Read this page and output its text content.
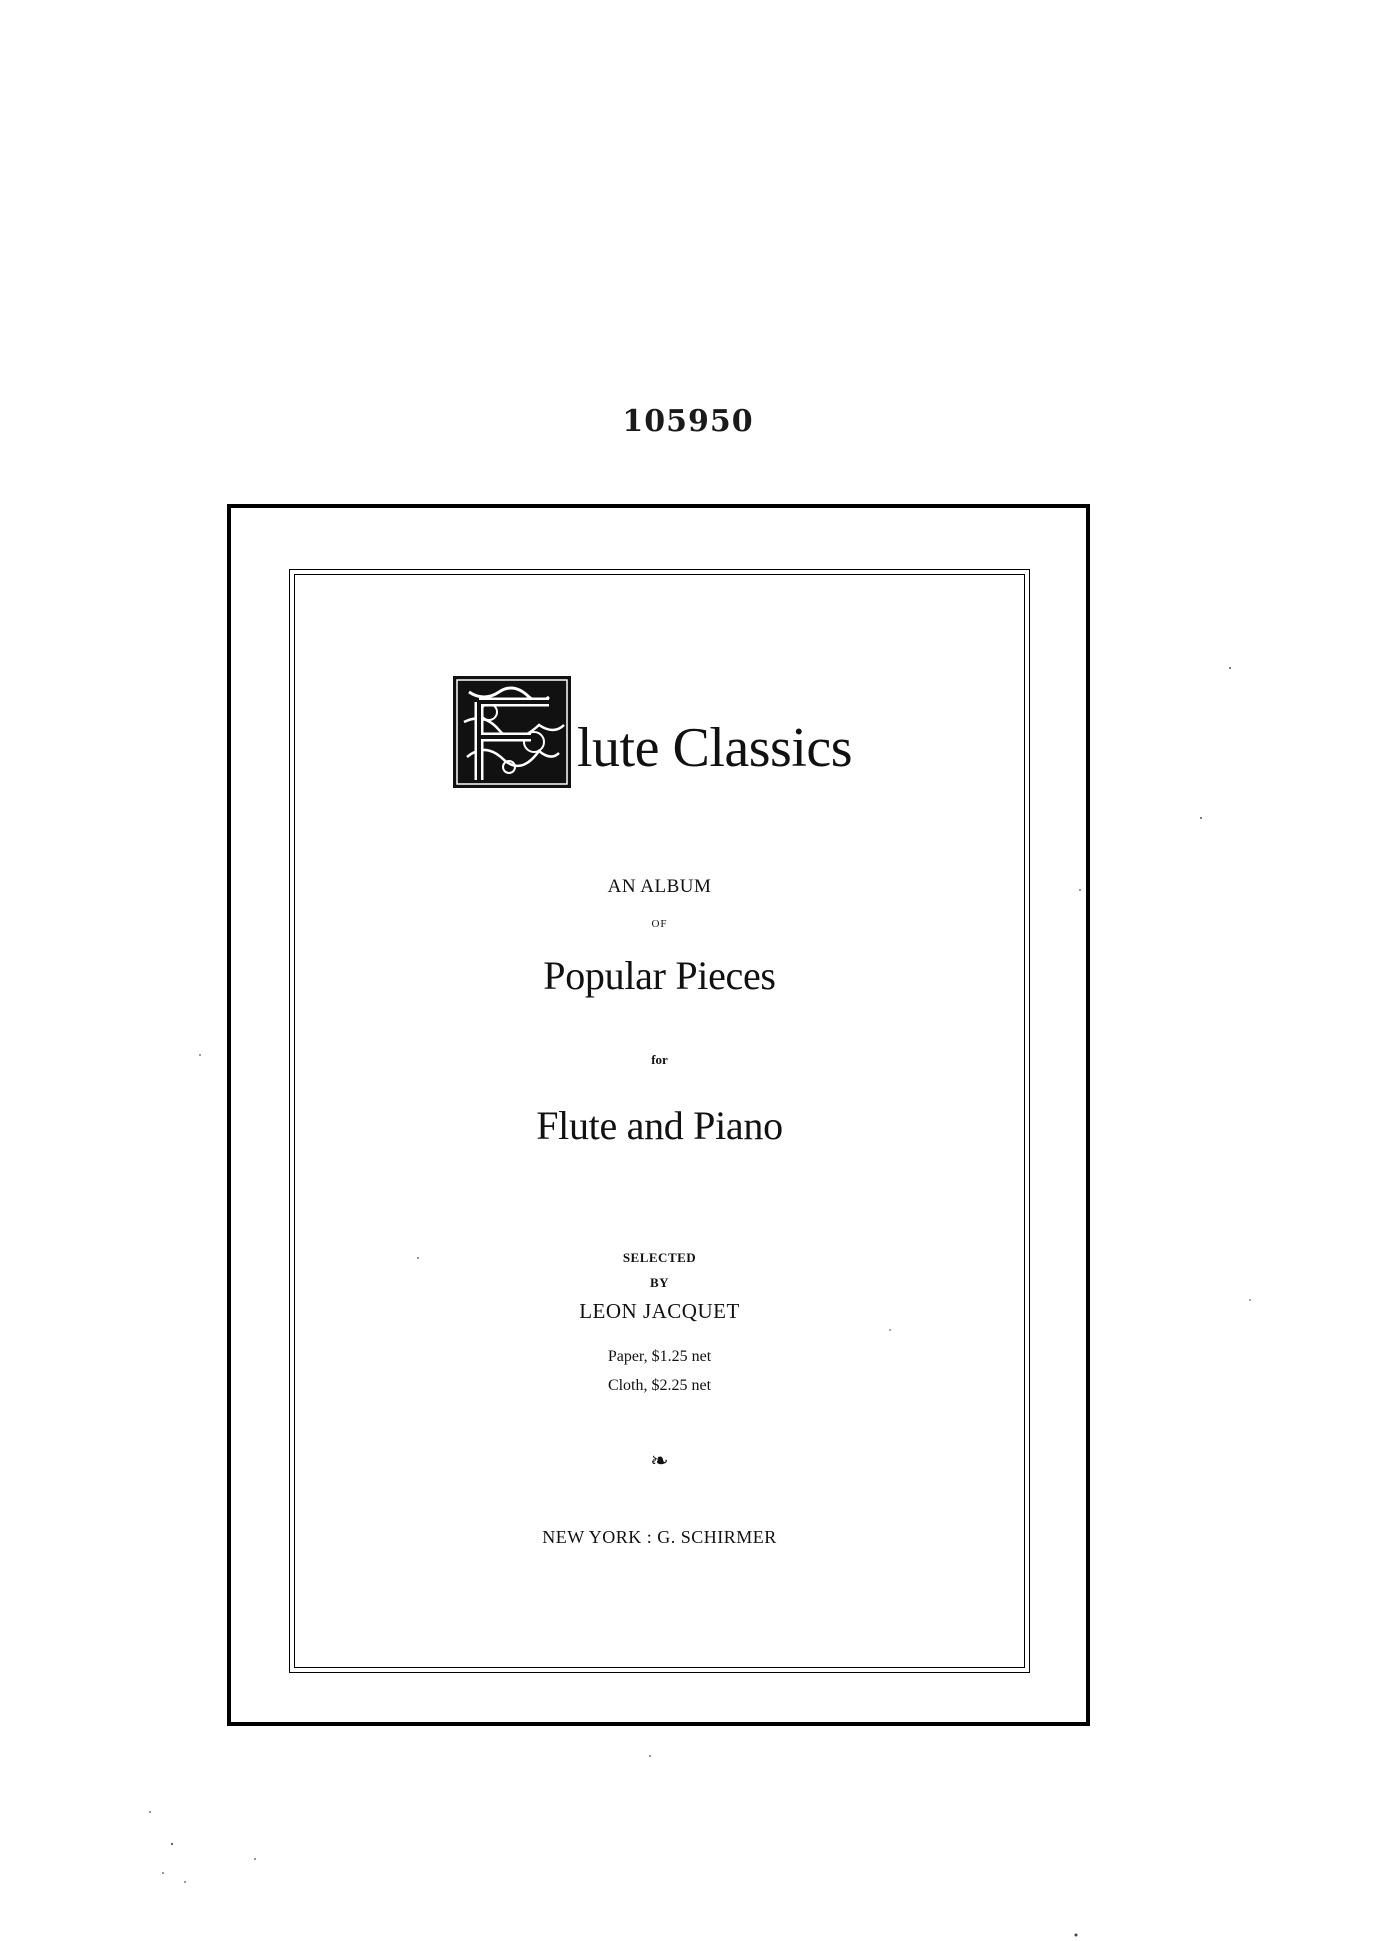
105950
lute Classics
AN ALBUM
OF
Popular Pieces
for
Flute and Piano
SELECTED
BY
LEON JACQUET
Paper, $1.25 net
Cloth, $2.25 net
❧
NEW YORK : G. SCHIRMER
